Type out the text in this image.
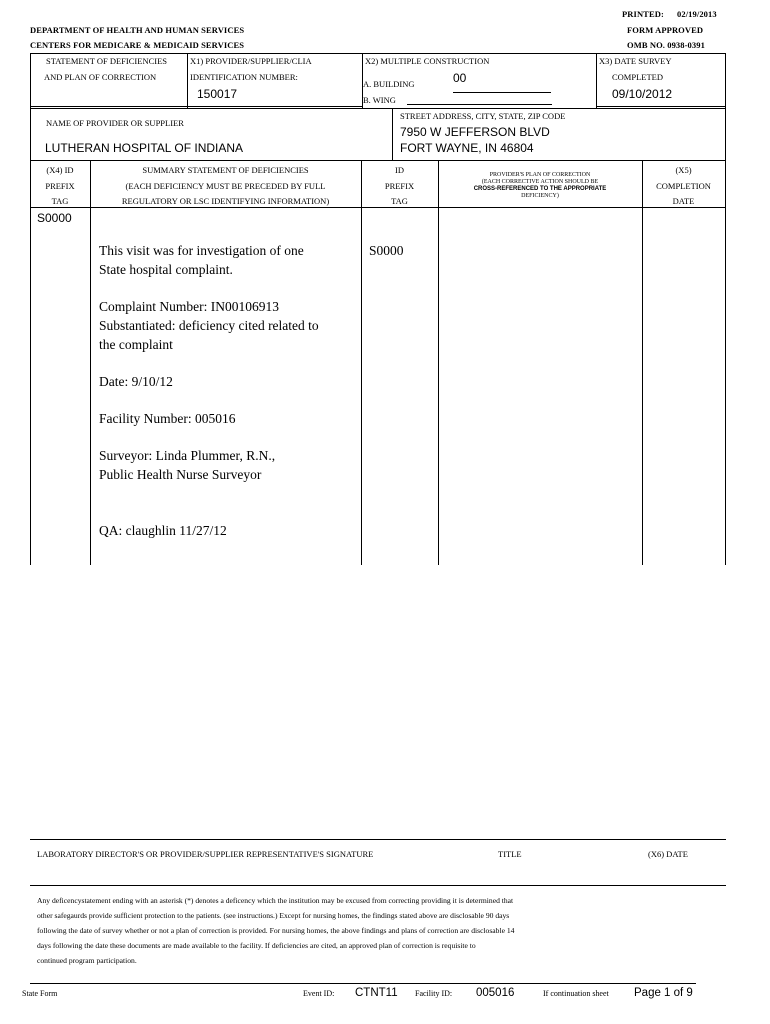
PRINTED: 02/19/2013
FORM APPROVED
OMB NO. 0938-0391
DEPARTMENT OF HEALTH AND HUMAN SERVICES
CENTERS FOR MEDICARE & MEDICAID SERVICES
STATEMENT OF DEFICIENCIES
AND PLAN OF CORRECTION
X1) PROVIDER/SUPPLIER/CLIA
IDENTIFICATION NUMBER:
150017
X2) MULTIPLE CONSTRUCTION
A. BUILDING	00
B. WING
X3) DATE SURVEY
COMPLETED
09/10/2012
NAME OF PROVIDER OR SUPPLIER
LUTHERAN HOSPITAL OF INDIANA
STREET ADDRESS, CITY, STATE, ZIP CODE
7950 W JEFFERSON BLVD
FORT WAYNE, IN 46804
(X4) ID
PREFIX
TAG
SUMMARY STATEMENT OF DEFICIENCIES
(EACH DEFICIENCY MUST BE PRECEDED BY FULL
REGULATORY OR LSC IDENTIFYING INFORMATION)
ID
PREFIX
TAG
PROVIDER'S PLAN OF CORRECTION
(EACH CORRECTIVE ACTION SHOULD BE
CROSS-REFERENCED TO THE APPROPRIATE
DEFICIENCY)
(X5)
COMPLETION
DATE
S0000
S0000
This visit was for investigation of one
State hospital complaint.
Complaint Number: IN00106913
Substantiated: deficiency cited related to
the complaint
Date: 9/10/12
Facility Number: 005016
Surveyor: Linda Plummer, R.N.,
Public Health Nurse Surveyor
QA: claughlin 11/27/12
LABORATORY DIRECTOR'S OR PROVIDER/SUPPLIER REPRESENTATIVE'S SIGNATURE	TITLE	(X6) DATE
Any deficencystatement ending with an asterisk (*) denotes a deficency which the institution may be excused from correcting providing it is determined that
other safegaurds provide sufficient protection to the patients. (see instructions.) Except for nursing homes, the findings stated above are disclosable 90 days
following the date of survey whether or not a plan of correction is provided. For nursing homes, the above findings and plans of correction are disclosable 14
days following the date these documents are made available to the facility. If deficiencies are cited, an approved plan of correction is requisite to
continued program participation.
State Form	Event ID: CTNT11 Facility ID: 005016	If continuation sheet Page 1 of 9
